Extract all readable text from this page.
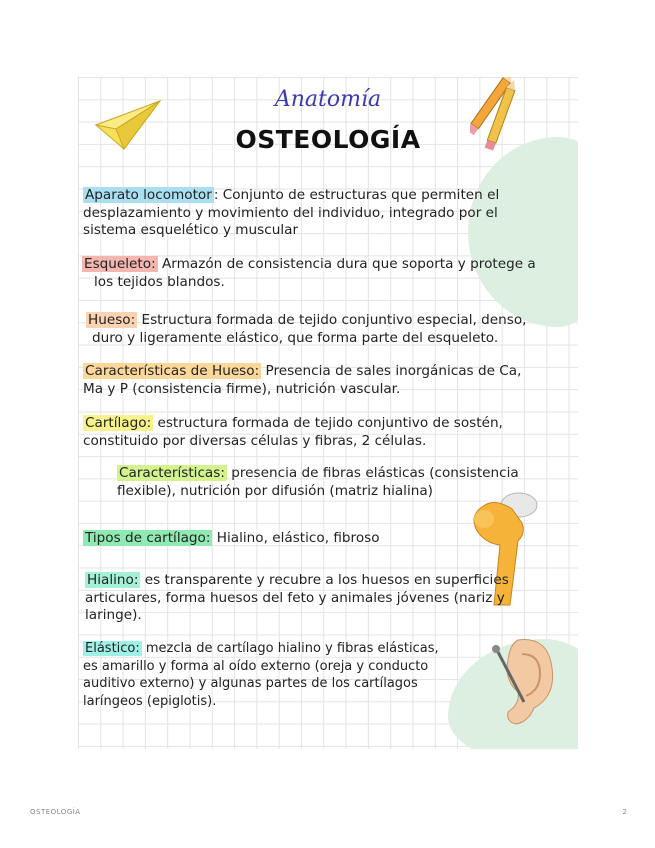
Anatomía
OSTEOLOGÍA
Aparato locomotor : Conjunto de estructuras que permiten el
desplazamiento y movimiento del individuo, integrado por el
sistema esquelético y muscular
Esqueleto: Armazón de consistencia dura que soporta y protege a
los tejidos blandos.
Hueso: Estructura formada de tejido conjuntivo especial, denso,
duro y ligeramente elástico, que forma parte del esqueleto.
Características de Hueso: Presencia de sales inorgánicas de Ca,
Ma y P (consistencia firme), nutrición vascular.
Cartílago: estructura formada de tejido conjuntivo de sostén,
constituido por diversas células y fibras, 2 células.
Características: presencia de fibras elásticas (consistencia
flexible), nutrición por difusión (matriz hialina)
Tipos de cartílago: Hialino, elástico, fibroso
Hialino: es transparente y recubre a los huesos en superficies
articulares, forma huesos del feto y animales jóvenes (nariz y
laringe).
Elástico: mezcla de cartílago hialino y fibras elásticas,
es amarillo y forma al oído externo (oreja y conducto
auditivo externo) y algunas partes de los cartílagos
laríngeos (epiglotis).
OSTEOLOGÍA	2
